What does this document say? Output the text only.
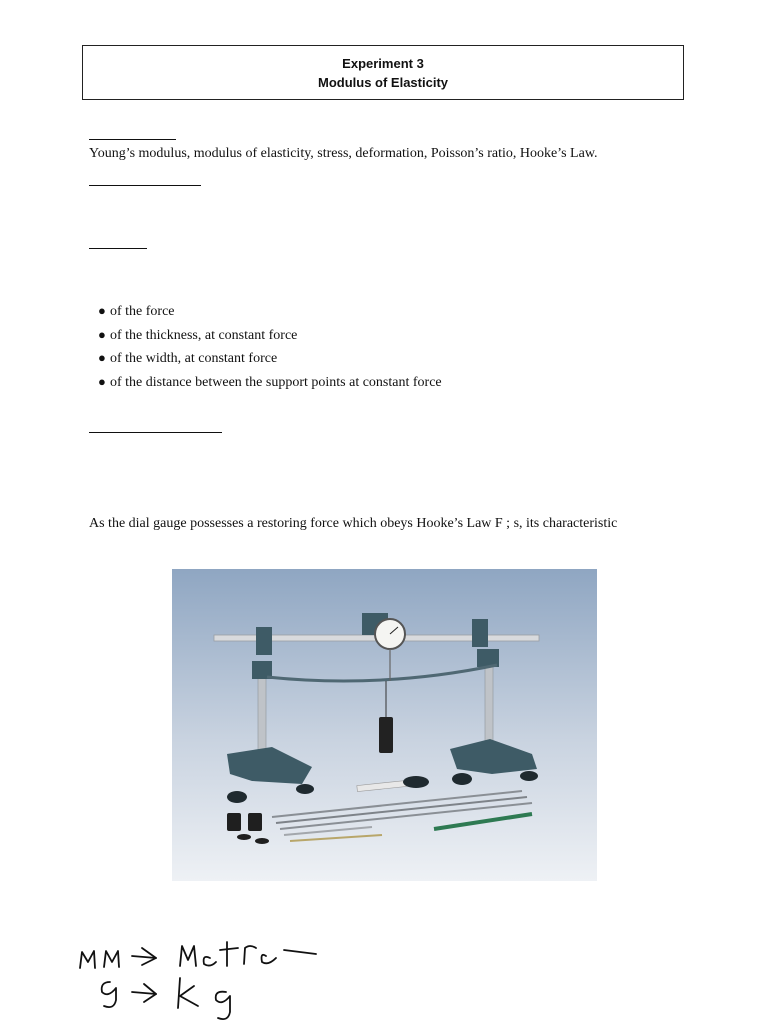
Experiment 3
Modulus of Elasticity
Young’s modulus, modulus of elasticity, stress, deformation, Poisson’s ratio, Hooke’s Law.
● of the force
● of the thickness, at constant force
● of the width, at constant force
● of the distance between the support points at constant force
As the dial gauge possesses a restoring force which obeys Hooke’s Law F ; s, its characteristic
